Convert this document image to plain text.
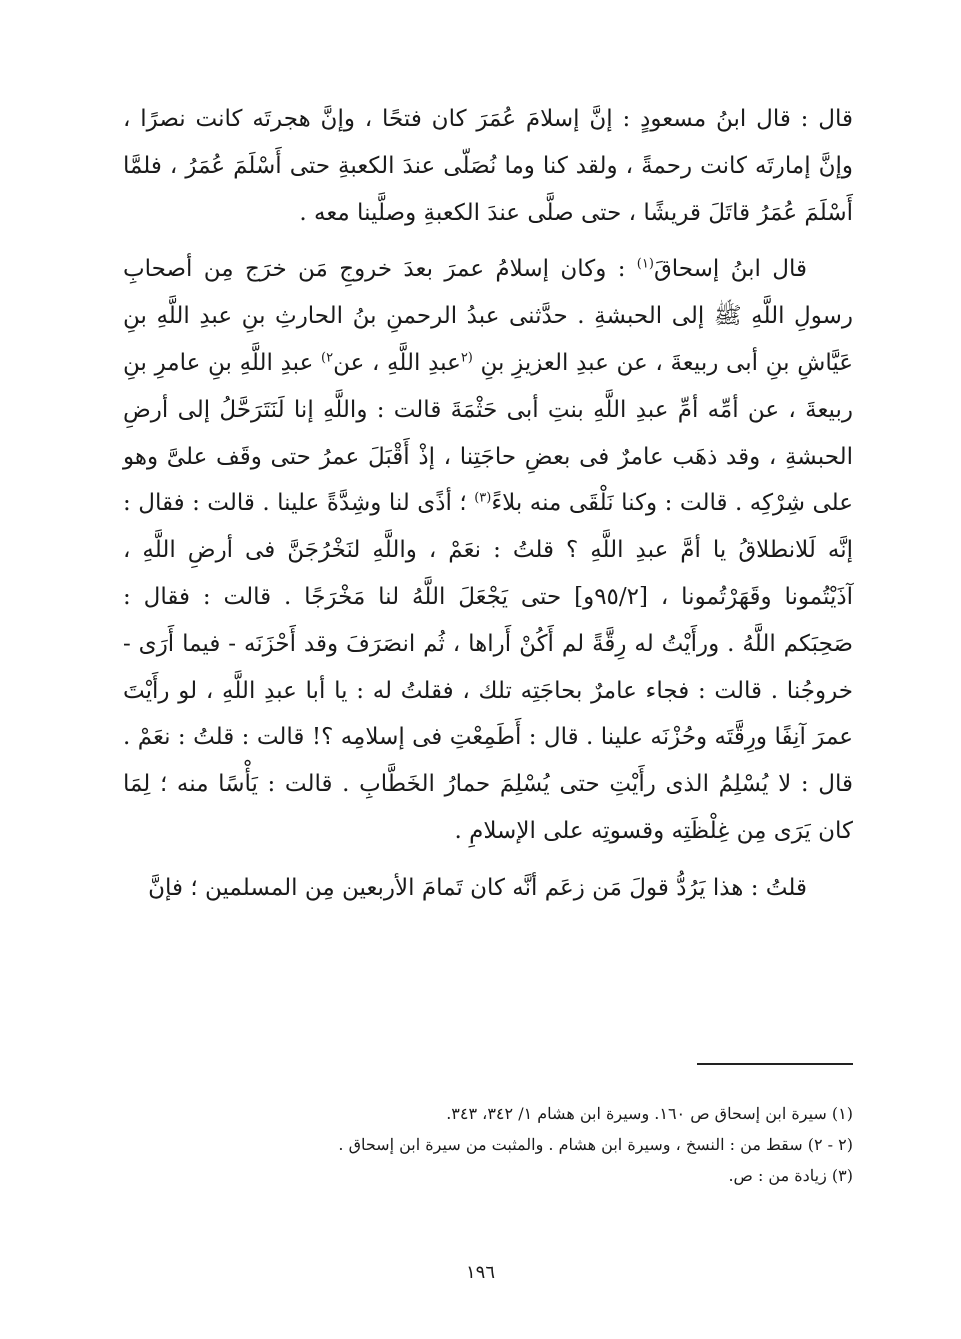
قال : قال ابنُ مسعودٍ : إنَّ إسلامَ عُمَرَ كان فتحًا ، وإنَّ هجرتَه كانت نصرًا ، وإنَّ إمارتَه كانت رحمةً ، ولقد كنا وما نُصَلّى عندَ الكعبةِ حتى أَسْلَمَ عُمَرُ ، فلمَّا أَسْلَمَ عُمَرُ قاتَلَ قريشًا ، حتى صلَّى عندَ الكعبةِ وصلَّينا معه .

قال ابنُ إسحاقَ$^{(١)}$ : وكان إسلامُ عمرَ بعدَ خروجِ مَن خرَج مِن أصحابِ رسولِ اللَّهِ ﷺ إلى الحبشةِ . حدَّثنى عبدُ الرحمنِ بنُ الحارثِ بنِ عبدِ اللَّهِ بنِ عَيَّاشِ بنِ أبى ربيعةَ ، عن عبدِ العزيزِ بنِ $^{(٢}$عبدِ اللَّهِ ، عن$^{٢)}$ عبدِ اللَّهِ بنِ عامرِ بنِ ربيعةَ ، عن أمِّه أمِّ عبدِ اللَّهِ بنتِ أبى حَثْمَةَ قالت : واللَّهِ إنا لَنَتَرَحَّلُ إلى أرضِ الحبشةِ ، وقد ذهَب عامرٌ فى بعضِ حاجَتِنا ، إذْ أَقْبَلَ عمرُ حتى وقَف علىَّ وهو على شِرْكِه . قالت : وكنا نَلْقَى منه بلاءً$^{(٣)}$ ؛ أذًى لنا وشِدَّةً علينا . قالت : فقال : إنَّه لَلانطلاقُ يا أمَّ عبدِ اللَّهِ ؟ قلتُ : نعَمْ ، واللَّهِ لنَخْرُجَنَّ فى أرضِ اللَّهِ ، آذَيْتُمونا وقَهَرْتُمونا ، [٩٥/٢و] حتى يَجْعَلَ اللَّهُ لنا مَخْرَجًا . قالت : فقال : صَحِبَكم اللَّهُ . ورأَيْتُ له رِقَّةً لم أَكُنْ أَراها ، ثُم انصَرَفَ وقد أَحْزَنَه - فيما أَرَى - خروجُنا . قالت : فجاء عامرٌ بحاجَتِه تلك ، فقلتُ له : يا أبا عبدِ اللَّهِ ، لو رأَيْتَ عمرَ آنِفًا ورِقَّتَه وحُزْنَه علينا . قال : أَطَمِعْتِ فى إسلامِه ؟! قالت : قلتُ : نعَمْ . قال : لا يُسْلِمُ الذى رأَيْتِ حتى يُسْلِمَ حمارُ الخَطَّابِ . قالت : يَأْسًا منه ؛ لِمَا كان يَرَى مِن غِلْظَتِه وقسوتِه على الإسلامِ .

قلتُ : هذا يَرُدُّ قولَ مَن زعَم أنَّه كان تَمامَ الأربعين مِن المسلمين ؛ فإنَّ

(١) سيرة ابن إسحاق ص ١٦٠. وسيرة ابن هشام ١/ ٣٤٢، ٣٤٣.

(٢ - ٢) سقط من : النسخ ، وسيرة ابن هشام . والمثبت من سيرة ابن إسحاق .

(٣) زيادة من : ص.

١٩٦
